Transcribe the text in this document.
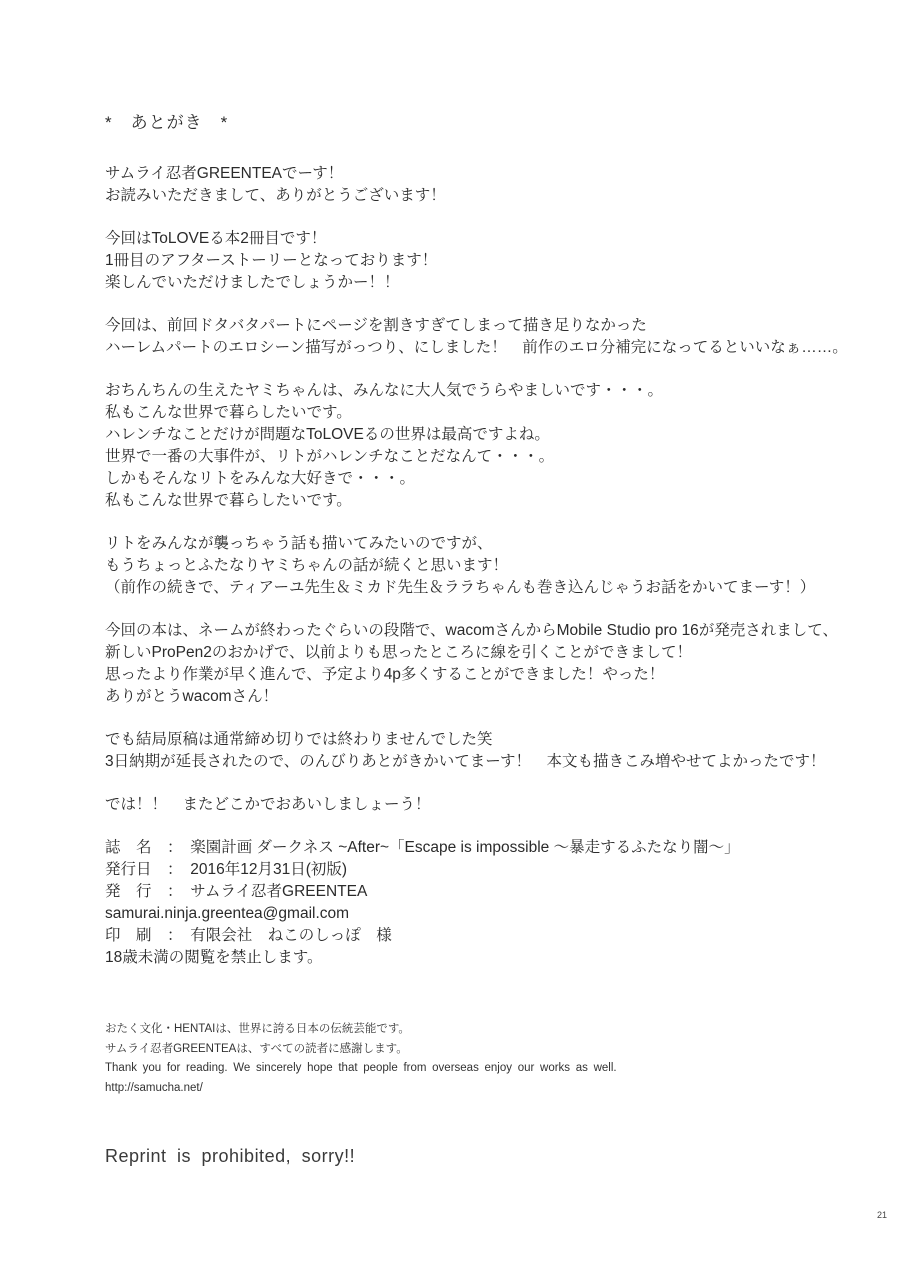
*　あとがき　*
サムライ忍者GREENTEAでーす！
お読みいただきまして、ありがとうございます！
今回はToLOVEる本2冊目です！
1冊目のアフターストーリーとなっております！
楽しんでいただけましたでしょうかー！！
今回は、前回ドタバタパートにページを割きすぎてしまって描き足りなかった
ハーレムパートのエロシーン描写がっつり、にしました！　前作のエロ分補完になってるといいなぁ……。
おちんちんの生えたヤミちゃんは、みんなに大人気でうらやましいです・・・。
私もこんな世界で暮らしたいです。
ハレンチなことだけが問題なToLOVEるの世界は最高ですよね。
世界で一番の大事件が、リトがハレンチなことだなんて・・・。
しかもそんなリトをみんな大好きで・・・。
私もこんな世界で暮らしたいです。
リトをみんなが襲っちゃう話も描いてみたいのですが、
もうちょっとふたなりヤミちゃんの話が続くと思います！
（前作の続きで、ティアーユ先生＆ミカド先生＆ララちゃんも巻き込んじゃうお話をかいてまーす！）
今回の本は、ネームが終わったぐらいの段階で、wacomさんからMobile Studio pro 16が発売されまして、
新しいProPen2のおかげで、以前よりも思ったところに線を引くことができまして！
思ったより作業が早く進んで、予定より4p多くすることができました！やった！
ありがとうwacomさん！
でも結局原稿は通常締め切りでは終わりませんでした笑
3日納期が延長されたので、のんびりあとがきかいてまーす！　本文も描きこみ増やせてよかったです！
では！！　またどこかでおあいしましょーう！
誌　名　：　楽園計画 ダークネス ~After~「Escape is impossible ～暴走するふたなり闇～」
発行日　：　2016年12月31日(初版)
発　行　：　サムライ忍者GREENTEA
samurai.ninja.greentea@gmail.com
印　刷　：　有限会社　ねこのしっぽ　様
18歳未満の閲覧を禁止します。
おたく文化・HENTAIは、世界に誇る日本の伝統芸能です。
サムライ忍者GREENTEAは、すべての読者に感謝します。
Thank you for reading. We sincerely hope that people from overseas enjoy our works as well.
http://samucha.net/
Reprint is prohibited, sorry!!
21
